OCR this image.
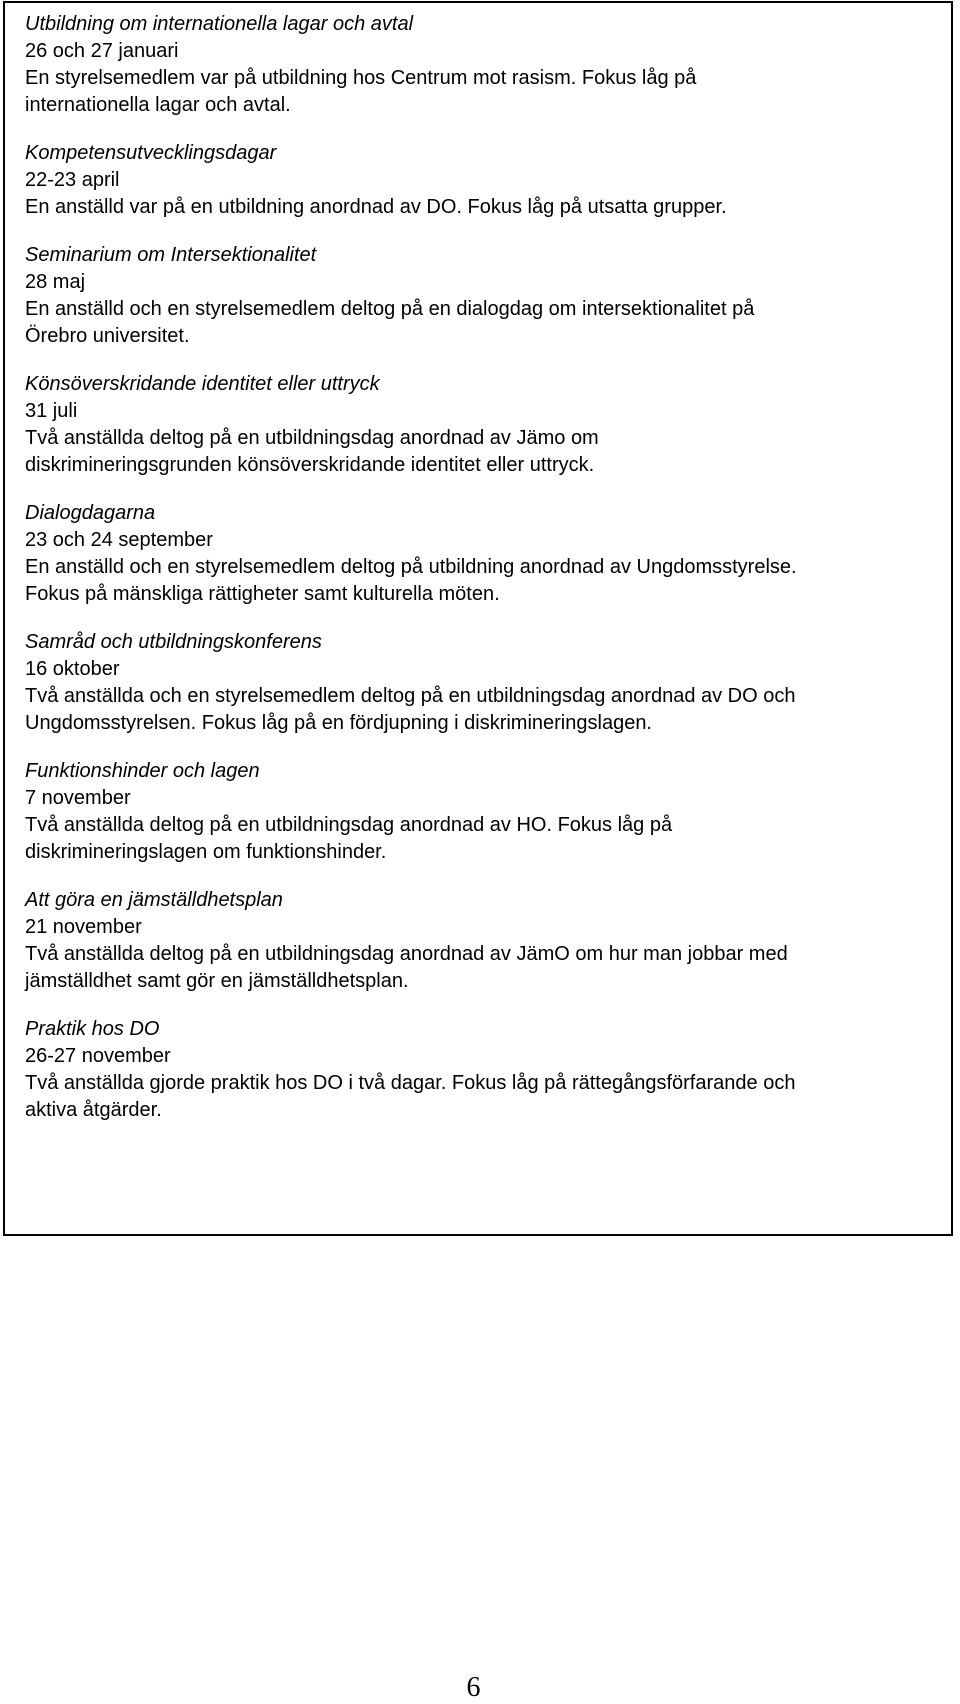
Utbildning om internationella lagar och avtal
26 och 27 januari
En styrelsemedlem var på utbildning hos Centrum mot rasism. Fokus låg på
internationella lagar och avtal.
Kompetensutvecklingsdagar
22-23 april
En anställd var på en utbildning anordnad av DO. Fokus låg på utsatta grupper.
Seminarium om Intersektionalitet
28 maj
En anställd och en styrelsemedlem deltog på en dialogdag om intersektionalitet på
Örebro universitet.
Könsöverskridande identitet eller uttryck
31 juli
Två anställda deltog på en utbildningsdag anordnad av Jämo om
diskrimineringsgrunden könsöverskridande identitet eller uttryck.
Dialogdagarna
23 och 24 september
En anställd och en styrelsemedlem deltog på utbildning anordnad av Ungdomsstyrelse.
Fokus på mänskliga rättigheter samt kulturella möten.
Samråd och utbildningskonferens
16 oktober
Två anställda och en styrelsemedlem deltog på en utbildningsdag anordnad av DO och
Ungdomsstyrelsen. Fokus låg på en fördjupning i diskrimineringslagen.
Funktionshinder och lagen
7 november
Två anställda deltog på en utbildningsdag anordnad av HO. Fokus låg på
diskrimineringslagen om funktionshinder.
Att göra en jämställdhetsplan
21 november
Två anställda deltog på en utbildningsdag anordnad av JämO om hur man jobbar med
jämställdhet samt gör en jämställdhetsplan.
Praktik hos DO
26-27 november
Två anställda gjorde praktik hos DO i två dagar. Fokus låg på rättegångsförfarande och
aktiva åtgärder.
6
